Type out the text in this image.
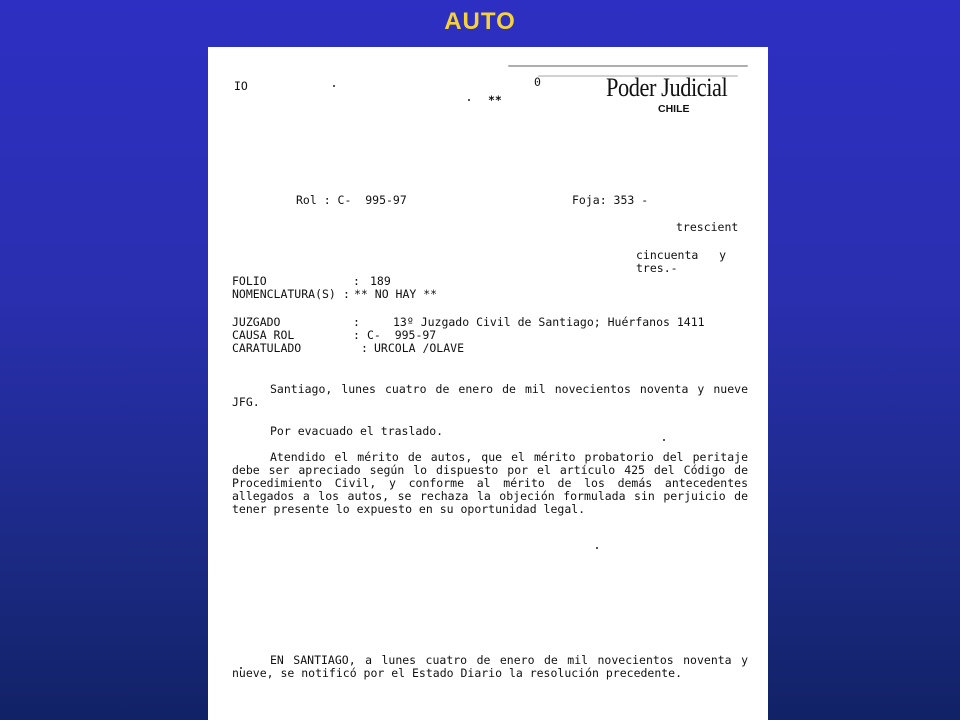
AUTO
IO
**
0	Poder Judicial
CHILE
Rol : C-  995-97	Foja: 353 -
trescient
cincuenta   y
tres.-
FOLIO	: 189
NOMENCLATURA(S) : ** NO HAY **
JUZGADO	:	13º Juzgado Civil de Santiago; Huérfanos 1411
CAUSA ROL	: C-  995-97
CARATULADO	: URCOLA /OLAVE
Santiago, lunes cuatro de enero de mil novecientos noventa y nueve JFG.
Por evacuado el traslado.
Atendido el mérito de autos, que el mérito probatorio del peritaje debe ser apreciado según lo dispuesto por el artículo 425 del Código de Procedimiento Civil, y conforme al mérito de los demás antecedentes allegados a los autos, se rechaza la objeción formulada sin perjuicio de tener presente lo expuesto en su oportunidad legal.
EN SANTIAGO, a lunes cuatro de enero de mil novecientos noventa y nueve, se notificó por el Estado Diario la resolución precedente.
